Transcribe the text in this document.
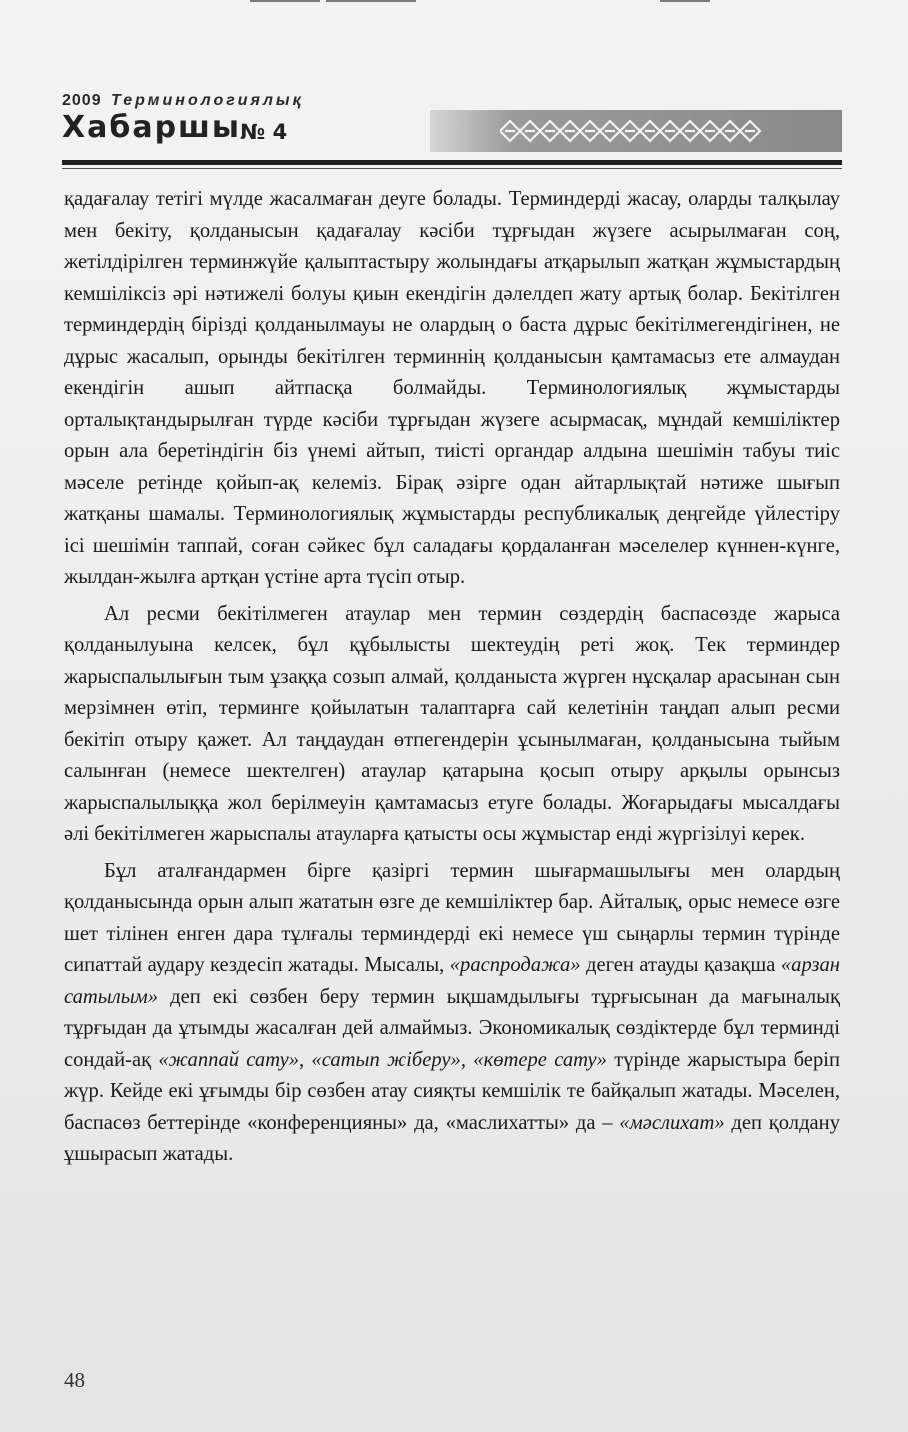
2009 Терминологиялық
Хабаршы
№ 4

қадағалау тетігі мүлде жасалмаған деуге болады. Терминдерді жасау, оларды талқылау мен бекіту, қолданысын қадағалау кәсіби тұрғыдан жүзеге асырылмаған соң, жетілдірілген терминжүйе қалыптастыру жолындағы атқарылып жатқан жұмыстардың кемшіліксіз әрі нәтижелі болуы қиын екендігін дәлелдеп жату артық болар. Бекітілген терминдердің бірізді қолданылмауы не олардың о баста дұрыс бекітілмегендігінен, не дұрыс жасалып, орынды бекітілген терминнің қолданысын қамтамасыз ете алмаудан екендігін ашып айтпасқа болмайды. Терминологиялық жұмыстарды орталықтандырылған түрде кәсіби тұрғыдан жүзеге асырмасақ, мұндай кемшіліктер орын ала беретіндігін біз үнемі айтып, тиісті органдар алдына шешімін табуы тиіс мәселе ретінде қойып-ақ келеміз. Бірақ әзірге одан айтарлықтай нәтиже шығып жатқаны шамалы. Терминологиялық жұмыстарды республикалық деңгейде үйлестіру ісі шешімін таппай, соған сәйкес бұл саладағы қордаланған мәселелер күннен-күнге, жылдан-жылға артқан үстіне арта түсіп отыр.

Ал ресми бекітілмеген атаулар мен термин сөздердің баспасөзде жарыса қолданылуына келсек, бұл құбылысты шектеудің реті жоқ. Тек терминдер жарыспалылығын тым ұзаққа созып алмай, қолданыста жүрген нұсқалар арасынан сын мерзімнен өтіп, терминге қойылатын талаптарға сай келетінін таңдап алып ресми бекітіп отыру қажет. Ал таңдаудан өтпегендерін ұсынылмаған, қолданысына тыйым салынған (немесе шектелген) атаулар қатарына қосып отыру арқылы орынсыз жарыспалылыққа жол берілмеуін қамтамасыз етуге болады. Жоғарыдағы мысалдағы әлі бекітілмеген жарыспалы атауларға қатысты осы жұмыстар енді жүргізілуі керек.

Бұл аталғандармен бірге қазіргі термин шығармашылығы мен олардың қолданысында орын алып жататын өзге де кемшіліктер бар. Айталық, орыс немесе өзге шет тілінен енген дара тұлғалы терминдерді екі немесе үш сыңарлы термин түрінде сипаттай аудару кездесіп жатады. Мысалы, «распродажа» деген атауды қазақша «арзан сатылым» деп екі сөзбен беру термин ықшамдылығы тұрғысынан да мағыналық тұрғыдан да ұтымды жасалған дей алмаймыз. Экономикалық сөздіктерде бұл терминді сондай-ақ «жаппай сату», «сатып жіберу», «көтере сату» түрінде жарыстыра беріп жүр. Кейде екі ұғымды бір сөзбен атау сияқты кемшілік те байқалып жатады. Мәселен, баспасөз беттерінде «конференцияны» да, «маслихатты» да – «мәслихат» деп қолдану ұшырасып жатады.

48
